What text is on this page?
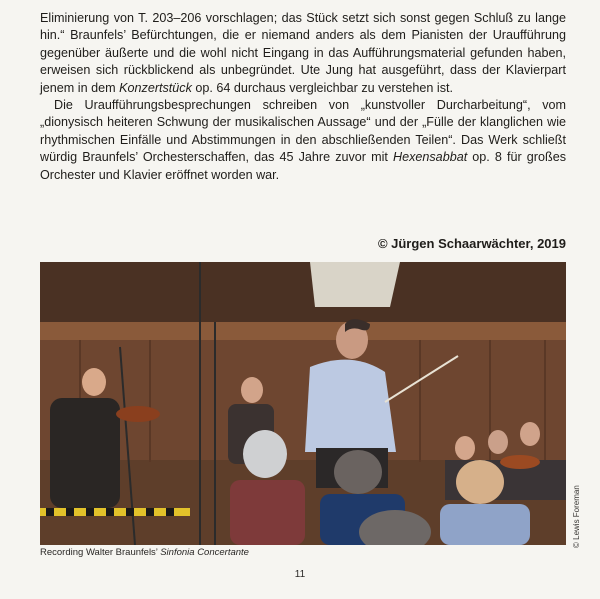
Eliminierung von T. 203–206 vorschlagen; das Stück setzt sich sonst gegen Schluß zu lange hin.“ Braunfels’ Befürchtungen, die er niemand anders als dem Pianisten der Uraufführung gegenüber äußerte und die wohl nicht Eingang in das Aufführungsmaterial gefunden haben, erweisen sich rückblickend als unbegründet. Ute Jung hat ausgeführt, dass der Klavierpart jenem in dem Konzertstück op. 64 durchaus vergleichbar zu verstehen ist.

Die Uraufführungsbesprechungen schreiben von „kunstvoller Durcharbeitung“, vom „dionysisch heiteren Schwung der musikalischen Aussage“ und der „Fülle der klanglichen wie rhythmischen Einfälle und Abstimmungen in den abschließenden Teilen“. Das Werk schließt würdig Braunfels’ Orchesterschaffen, das 45 Jahre zuvor mit Hexensabbat op. 8 für großes Orchester und Klavier eröffnet worden war.

© Jürgen Schaarwächter, 2019
Recording Walter Braunfels’ Sinfonia Concertante
© Lewis Foreman
11
